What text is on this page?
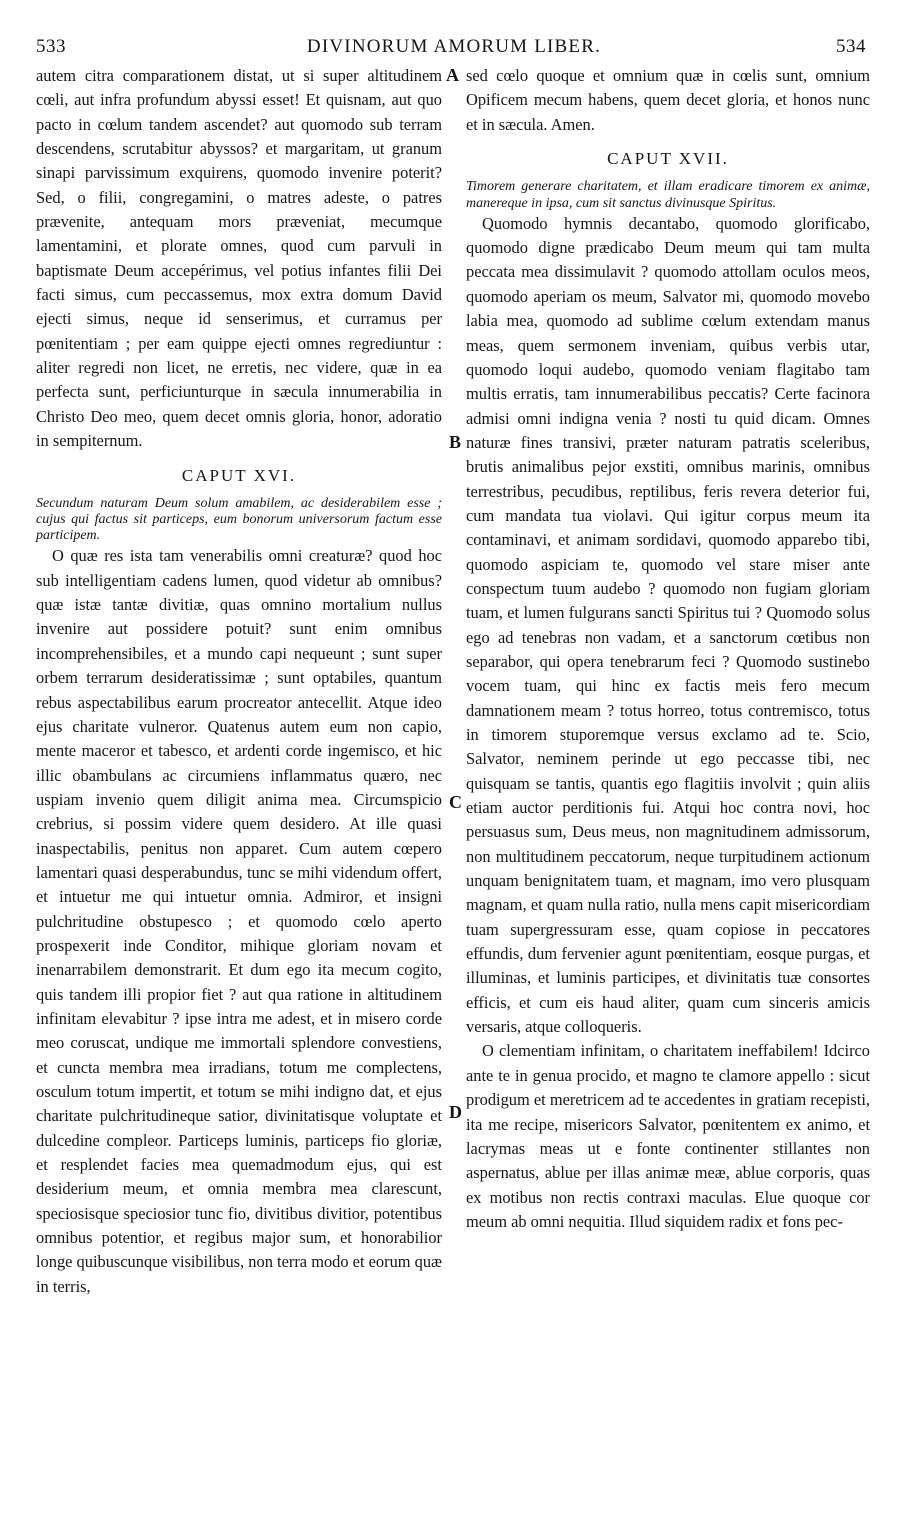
533	DIVINORUM AMORUM LIBER.	534
A
B
C
D

autem citra comparationem distat, ut si super altitudinem cœli, aut infra profundum abyssi esset! Et quisnam, aut quo pacto in cœlum tandem ascendet? aut quomodo sub terram descendens, scrutabitur abyssos? et margaritam, ut granum sinapi parvissimum exquirens, quomodo invenire poterit? Sed, o filii, congregamini, o matres adeste, o patres prævenite, antequam mors præveniat, mecumque lamentamini, et plorate omnes, quod cum parvuli in baptismate Deum accepérimus, vel potius infantes filii Dei facti simus, cum peccassemus, mox extra domum David ejecti simus, neque id senserimus, et curramus per pœnitentiam ; per eam quippe ejecti omnes regrediuntur : aliter regredi non licet, ne erretis, nec videre, quæ in ea perfecta sunt, perficiunturque in sæcula innumerabilia in Christo Deo meo, quem decet omnis gloria, honor, adoratio in sempiternum.

CAPUT XVI.

Secundum naturam Deum solum amabilem, ac desiderabilem esse ; cujus qui factus sit particeps, eum bonorum universorum factum esse participem.

O quæ res ista tam venerabilis omni creaturæ? quod hoc sub intelligentiam cadens lumen, quod videtur ab omnibus? quæ istæ tantæ divitiæ, quas omnino mortalium nullus invenire aut possidere potuit? sunt enim omnibus incomprehensibiles, et a mundo capi nequeunt ; sunt super orbem terrarum desideratissimæ ; sunt optabiles, quantum rebus aspectabilibus earum procreator antecellit. Atque ideo ejus charitate vulneror. Quatenus autem eum non capio, mente maceror et tabesco, et ardenti corde ingemisco, et hic illic obambulans ac circumiens inflammatus quæro, nec uspiam invenio quem diligit anima mea. Circumspicio crebrius, si possim videre quem desidero. At ille quasi inaspectabilis, penitus non apparet. Cum autem cœpero lamentari quasi desperabundus, tunc se mihi videndum offert, et intuetur me qui intuetur omnia. Admiror, et insigni pulchritudine obstupesco ; et quomodo cœlo aperto prospexerit inde Conditor, mihique gloriam novam et inenarrabilem demonstrarit. Et dum ego ita mecum cogito, quis tandem illi propior fiet ? aut qua ratione in altitudinem infinitam elevabitur ? ipse intra me adest, et in misero corde meo coruscat, undique me immortali splendore convestiens, et cuncta membra mea irradians, totum me complectens, osculum totum impertit, et totum se mihi indigno dat, et ejus charitate pulchritudineque satior, divinitatisque voluptate et dulcedine compleor. Particeps luminis, particeps fio gloriæ, et resplendet facies mea quemadmodum ejus, qui est desiderium meum, et omnia membra mea clarescunt, speciosisque speciosior tunc fio, divitibus divitior, potentibus omnibus potentior, et regibus major sum, et honorabilior longe quibuscunque visibilibus, non terra modo et eorum quæ in terris,

sed cœlo quoque et omnium quæ in cœlis sunt, omnium Opificem mecum habens, quem decet gloria, et honos nunc et in sæcula. Amen.

CAPUT XVII.

Timorem generare charitatem, et illam eradicare timorem ex animæ, manereque in ipsa, cum sit sanctus divinusque Spiritus.

Quomodo hymnis decantabo, quomodo glorificabo, quomodo digne prædicabo Deum meum qui tam multa peccata mea dissimulavit ? quomodo attollam oculos meos, quomodo aperiam os meum, Salvator mi, quomodo movebo labia mea, quomodo ad sublime cœlum extendam manus meas, quem sermonem inveniam, quibus verbis utar, quomodo loqui audebo, quomodo veniam flagitabo tam multis erratis, tam innumerabilibus peccatis? Certe facinora admisi omni indigna venia ? nosti tu quid dicam. Omnes naturæ fines transivi, præter naturam patratis sceleribus, brutis animalibus pejor exstiti, omnibus marinis, omnibus terrestribus, pecudibus, reptilibus, feris revera deterior fui, cum mandata tua violavi. Qui igitur corpus meum ita contaminavi, et animam sordidavi, quomodo apparebo tibi, quomodo aspiciam te, quomodo vel stare miser ante conspectum tuum audebo ? quomodo non fugiam gloriam tuam, et lumen fulgurans sancti Spiritus tui ? Quomodo solus ego ad tenebras non vadam, et a sanctorum cœtibus non separabor, qui opera tenebrarum feci ? Quomodo sustinebo vocem tuam, qui hinc ex factis meis fero mecum damnationem meam ? totus horreo, totus contremisco, totus in timorem stuporemque versus exclamo ad te. Scio, Salvator, neminem perinde ut ego peccasse tibi, nec quisquam se tantis, quantis ego flagitiis involvit ; quin aliis etiam auctor perditionis fui. Atqui hoc contra novi, hoc persuasus sum, Deus meus, non magnitudinem admissorum, non multitudinem peccatorum, neque turpitudinem actionum unquam benignitatem tuam, et magnam, imo vero plusquam magnam, et quam nulla ratio, nulla mens capit misericordiam tuam supergressuram esse, quam copiose in peccatores effundis, dum fervenier agunt pœnitentiam, eosque purgas, et illuminas, et luminis participes, et divinitatis tuæ consortes efficis, et cum eis haud aliter, quam cum sinceris amicis versaris, atque colloqueris.

O clementiam infinitam, o charitatem ineffabilem! Idcirco ante te in genua procido, et magno te clamore appello : sicut prodigum et meretricem ad te accedentes in gratiam recepisti, ita me recipe, misericors Salvator, pœnitentem ex animo, et lacrymas meas ut e fonte continenter stillantes non aspernatus, ablue per illas animæ meæ, ablue corporis, quas ex motibus non rectis contraxi maculas. Elue quoque cor meum ab omni nequitia. Illud siquidem radix et fons pec-
